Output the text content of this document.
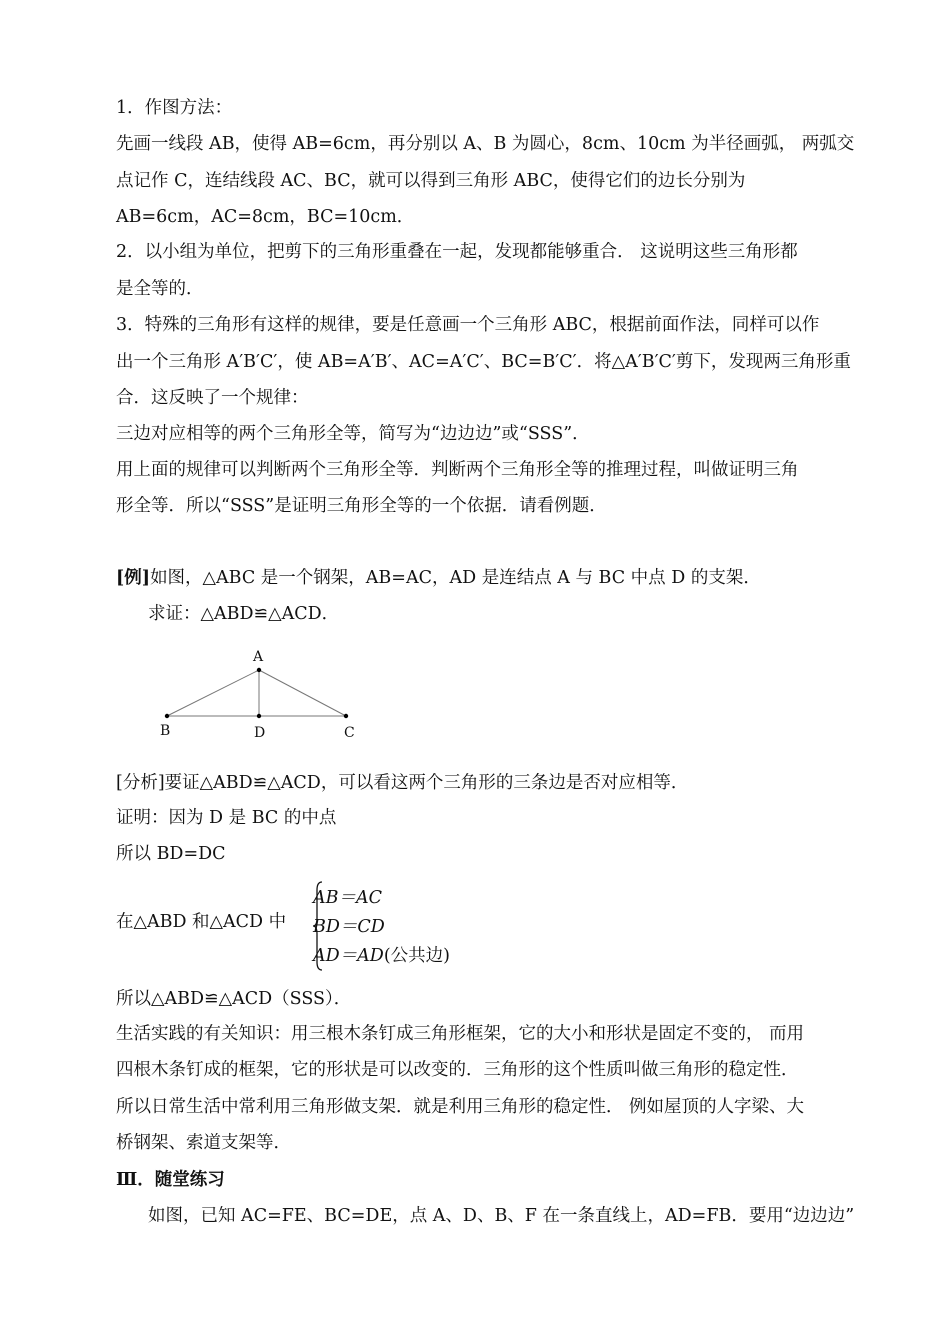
1．作图方法：
先画一线段 AB，使得 AB=6cm，再分别以 A、B 为圆心，8cm、10cm 为半径画弧， 两弧交
点记作 C，连结线段 AC、BC，就可以得到三角形 ABC，使得它们的边长分别为
AB=6cm，AC=8cm，BC=10cm．
2．以小组为单位，把剪下的三角形重叠在一起，发现都能够重合． 这说明这些三角形都
是全等的．
3．特殊的三角形有这样的规律，要是任意画一个三角形 ABC，根据前面作法，同样可以作
出一个三角形 A′B′C′，使 AB=A′B′、AC=A′C′、BC=B′C′．将△A′B′C′剪下，发现两三角形重
合．这反映了一个规律：
三边对应相等的两个三角形全等，简写为“边边边”或“SSS”．
用上面的规律可以判断两个三角形全等．判断两个三角形全等的推理过程，叫做证明三角
形全等．所以“SSS”是证明三角形全等的一个依据．请看例题．
[例]如图，△ABC 是一个钢架，AB=AC，AD 是连结点 A 与 BC 中点 D 的支架．
求证：△ABD≌△ACD．
A
B	D	C
[分析]要证△ABD≌△ACD，可以看这两个三角形的三条边是否对应相等．
证明：因为 D 是 BC 的中点
所以 BD=DC
在△ABD 和△ACD 中
AB＝AC
BD＝CD
AD＝AD(公共边)
所以△ABD≌△ACD（SSS）．
生活实践的有关知识：用三根木条钉成三角形框架，它的大小和形状是固定不变的， 而用
四根木条钉成的框架，它的形状是可以改变的．三角形的这个性质叫做三角形的稳定性．
所以日常生活中常利用三角形做支架．就是利用三角形的稳定性． 例如屋顶的人字梁、大
桥钢架、索道支架等．
Ⅲ．随堂练习
如图，已知 AC=FE、BC=DE，点 A、D、B、F 在一条直线上，AD=FB．要用“边边边”
